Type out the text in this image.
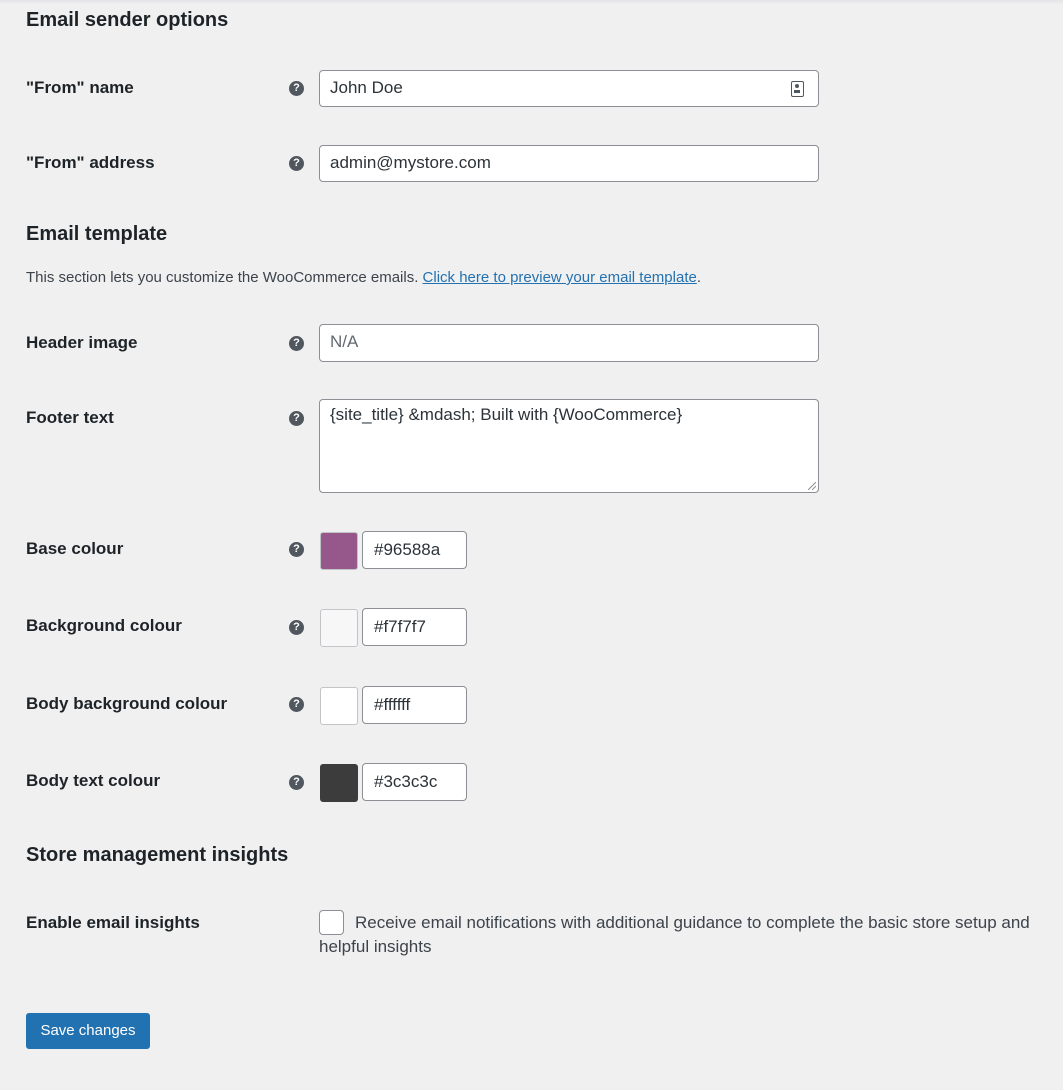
Email sender options
"From" name	?	John Doe
"From" address	?	admin@mystore.com
Email template
This section lets you customize the WooCommerce emails. Click here to preview your email template.
Header image	?	N/A
Footer text	?	{site_title} &mdash; Built with {WooCommerce}
Base colour	?	#96588a
Background colour	?	#f7f7f7
Body background colour	?	#ffffff
Body text colour	?	#3c3c3c
Store management insights
Enable email insights	Receive email notifications with additional guidance to complete the basic store setup and helpful insights
Save changes
